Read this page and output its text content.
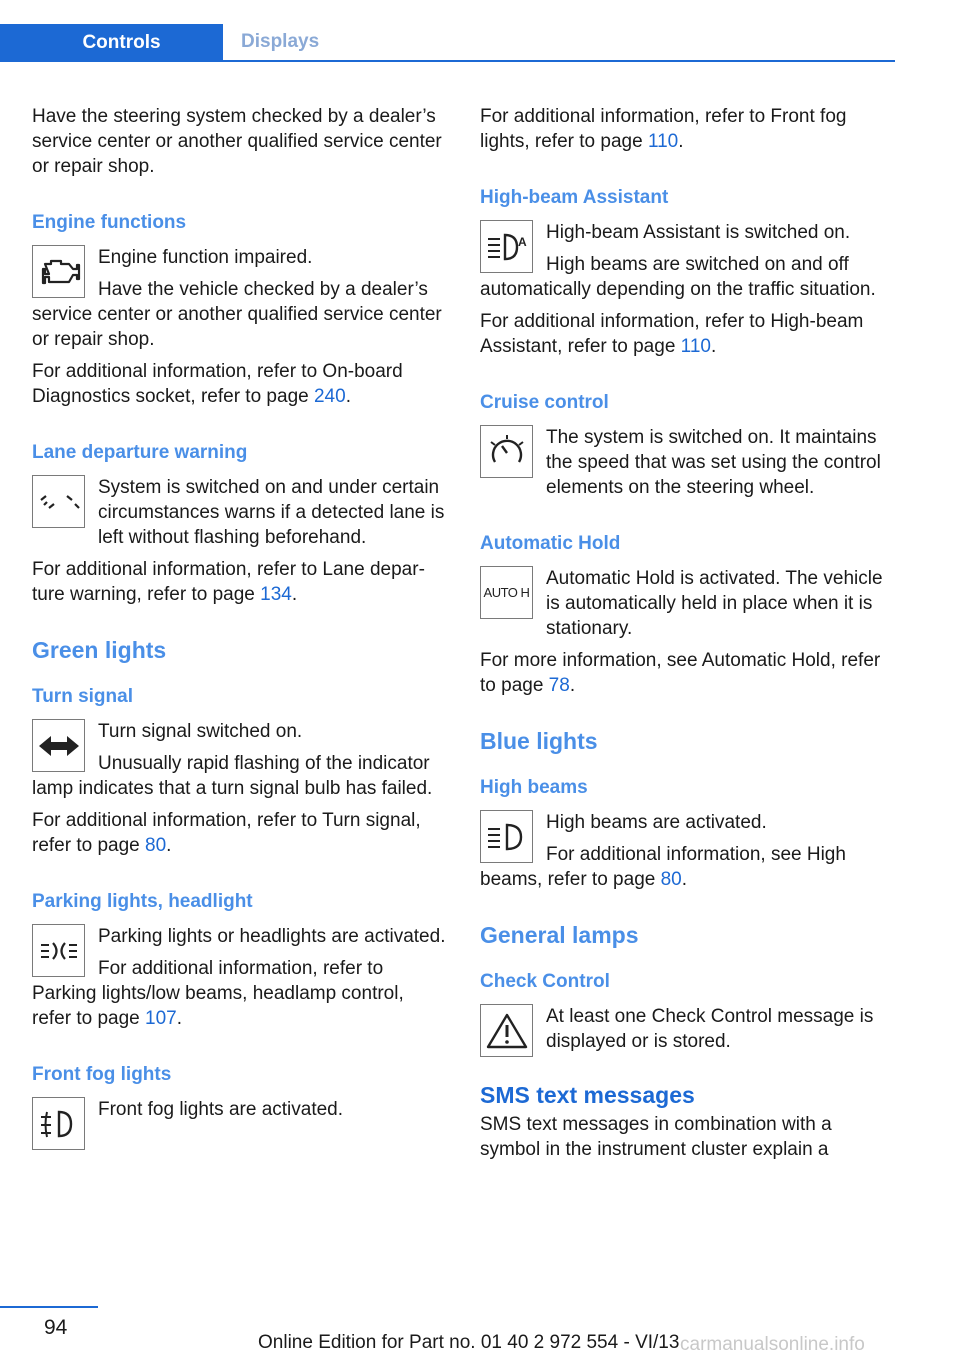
Controls	Displays

Have the steering system checked by a dealer’s service center or another qualified service center or repair shop.

Engine functions

Engine function impaired.

Have the vehicle checked by a dealer’s service center or another qualified service center or repair shop.

For additional information, refer to On-board Diagnostics socket, refer to page 240.

Lane departure warning

System is switched on and under certain circumstances warns if a detected lane is left without flashing beforehand.

For additional information, refer to Lane departure warning, refer to page 134.

Green lights
Turn signal

Turn signal switched on.

Unusually rapid flashing of the indicator lamp indicates that a turn signal bulb has failed.

For additional information, refer to Turn signal, refer to page 80.

Parking lights, headlight

Parking lights or headlights are activated.

For additional information, refer to Parking lights/low beams, headlamp control, refer to page 107.

Front fog lights

Front fog lights are activated.

For additional information, refer to Front fog lights, refer to page 110.

High-beam Assistant
A	High-beam Assistant is switched on.

High beams are switched on and off automatically depending on the traffic situation.

For additional information, refer to High-beam Assistant, refer to page 110.

Cruise control

The system is switched on. It maintains the speed that was set using the control elements on the steering wheel.

Automatic Hold
AUTO H

Automatic Hold is activated. The vehicle is automatically held in place when it is stationary.

For more information, see Automatic Hold, refer to page 78.

Blue lights
High beams

High beams are activated.

For additional information, see High beams, refer to page 80.

General lamps
Check Control

At least one Check Control message is displayed or is stored.

SMS text messages

SMS text messages in combination with a symbol in the instrument cluster explain a

94
Online Edition for Part no. 01 40 2 972 554 - VI/13 carmanualsonline.info
